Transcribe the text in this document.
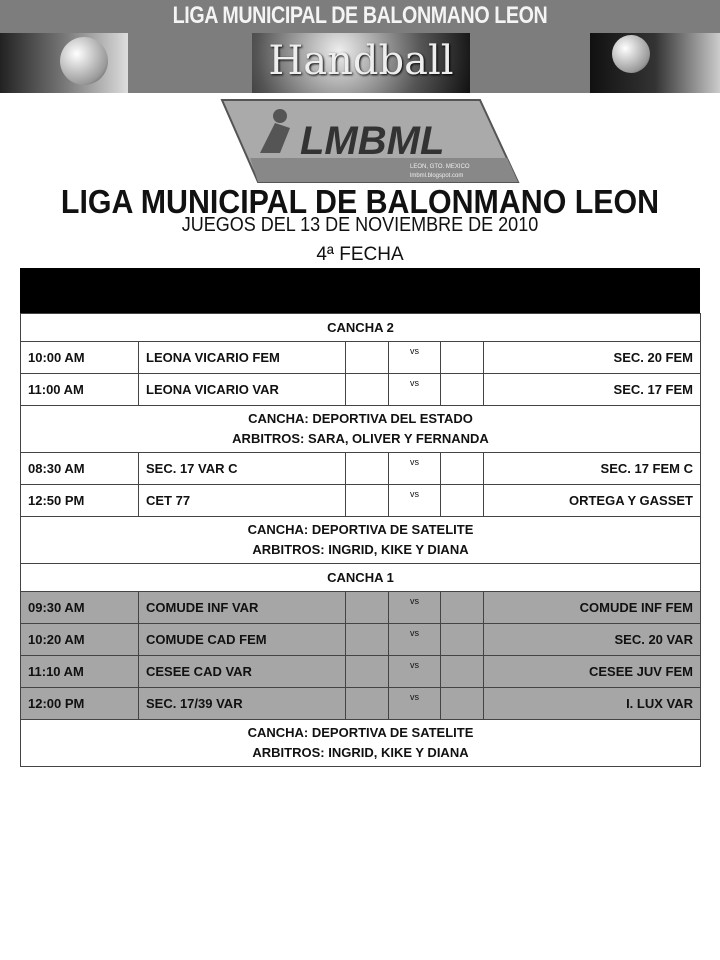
LIGA MUNICIPAL DE BALONMANO LEON
Handball
LMBML
LEON, GTO. MEXICO
lmbml.blogspot.com
LIGA MUNICIPAL DE BALONMANO LEON
JUEGOS DEL 13 DE NOVIEMBRE DE 2010
4ª FECHA
CANCHA 2					
10:00 AM	LEONA VICARIO FEM		vs		SEC. 20 FEM
11:00 AM	LEONA VICARIO VAR		vs		SEC. 17 FEM
CANCHA: DEPORTIVA DEL ESTADO
ARBITROS: SARA, OLIVER Y FERNANDA					
08:30 AM	SEC. 17 VAR C		vs		SEC. 17 FEM C
12:50 PM	CET 77		vs		ORTEGA Y GASSET
CANCHA: DEPORTIVA DE SATELITE
ARBITROS: INGRID, KIKE Y DIANA					
CANCHA 1					
09:30 AM	COMUDE INF VAR		vs		COMUDE INF FEM
10:20 AM	COMUDE CAD FEM		vs		SEC. 20 VAR
11:10 AM	CESEE CAD VAR		vs		CESEE JUV FEM
12:00 PM	SEC. 17/39 VAR		vs		I. LUX VAR
CANCHA: DEPORTIVA DE SATELITE
ARBITROS: INGRID, KIKE Y DIANA					
